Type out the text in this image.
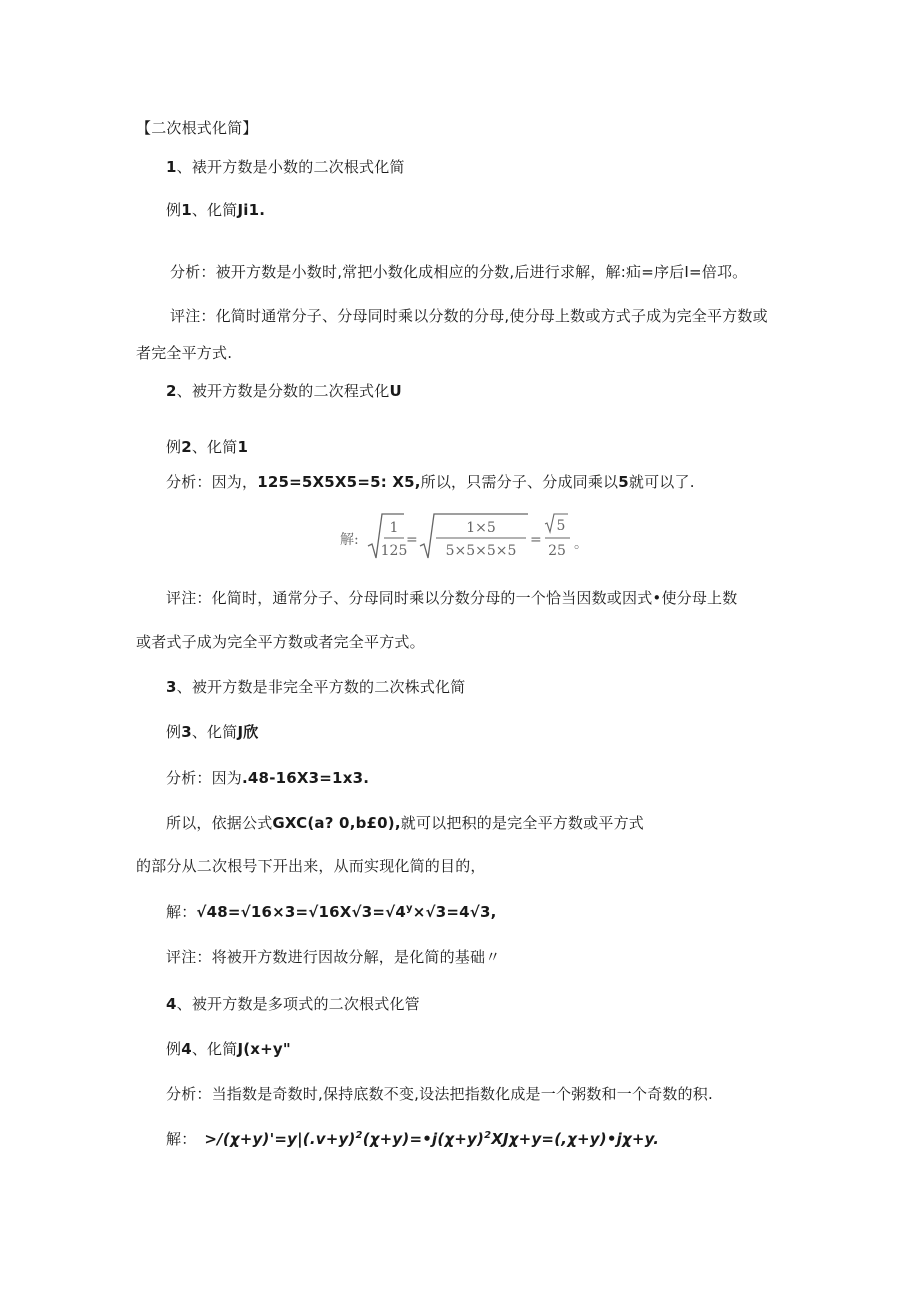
【二次根式化简】
1、裱开方数是小数的二次根式化简
例1、化简Ji1.
分析：被开方数是小数时,常把小数化成相应的分数,后进行求解，解:疝=序后I=倍邛。
评注：化简时通常分子、分母同时乘以分数的分母,使分母上数或方式子成为完全平方数或
者完全平方式.
2、被开方数是分数的二次程式化U
例2、化简1
分析：因为，125=5X5X5=5: X5,所以，只需分子、分成同乘以5就可以了.
解:
1
125
=
1×5
5×5×5×5
=
5
25 。
评注：化简时，通常分子、分母同时乘以分数分母的一个恰当因数或因式•使分母上数
或者式子成为完全平方数或者完全平方式。
3、被开方数是非完全平方数的二次株式化简
例3、化简J欣
分析：因为.48-16X3=1x3.
所以，依据公式GXC(a? 0,b£0),就可以把积的是完全平方数或平方式
的部分从二次根号下开出来，从而实现化简的目的，
解：$√48=√16\times 3=√16X√3=√4^y\times√3=4√3$,
评注：将被开方数进行因故分解，是化简的基础〃
4、被开方数是多项式的二次根式化管
例4、化简J(x+y"
分析：当指数是奇数时,保持底数不变,设法把指数化成是一个粥数和一个奇数的积.
解： $>/(\chi+y)'=y|(.v+y)^2(\chi+y)=•j(\chi+y)^2XJ\chi+y=(,\chi+y)•j\chi+y$.
